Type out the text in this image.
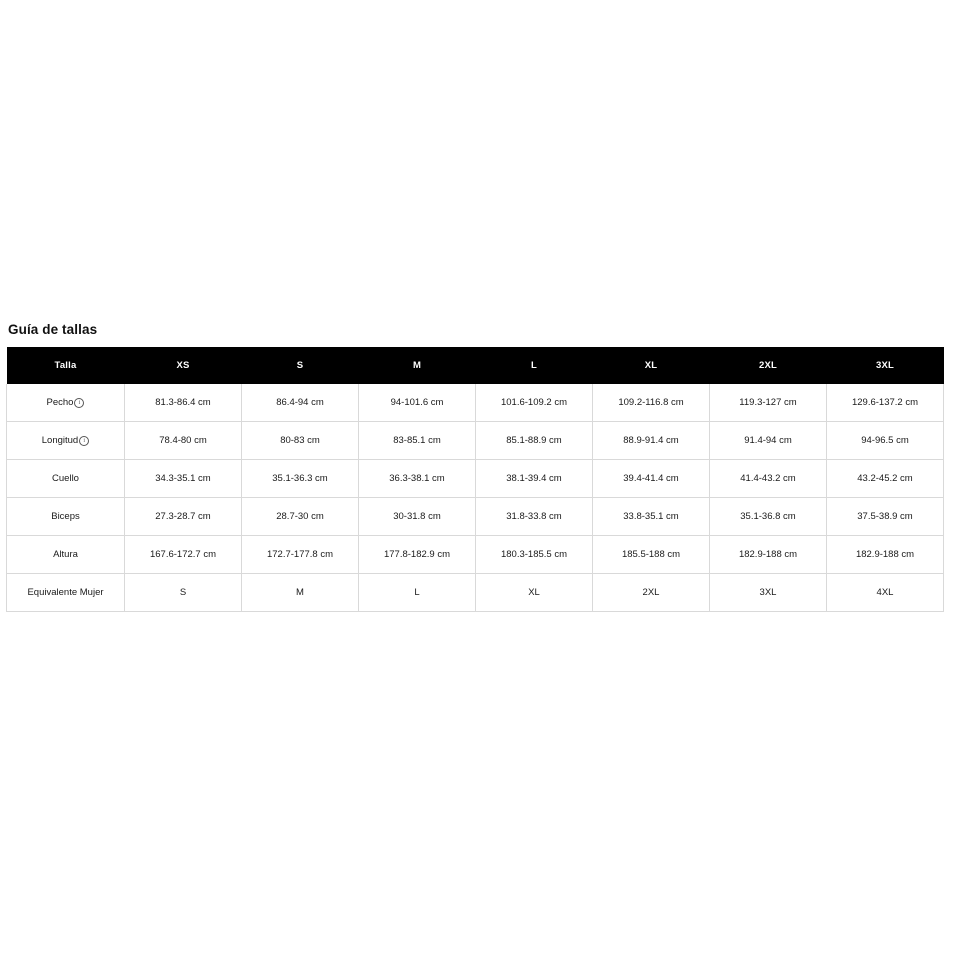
Guía de tallas
Talla	XS	S	M	L	XL	2XL	3XL
Pecho i	81.3-86.4 cm	86.4-94 cm	94-101.6 cm	101.6-109.2 cm	109.2-116.8 cm	119.3-127 cm	129.6-137.2 cm
Longitud i	78.4-80 cm	80-83 cm	83-85.1 cm	85.1-88.9 cm	88.9-91.4 cm	91.4-94 cm	94-96.5 cm
Cuello	34.3-35.1 cm	35.1-36.3 cm	36.3-38.1 cm	38.1-39.4 cm	39.4-41.4 cm	41.4-43.2 cm	43.2-45.2 cm
Biceps	27.3-28.7 cm	28.7-30 cm	30-31.8 cm	31.8-33.8 cm	33.8-35.1 cm	35.1-36.8 cm	37.5-38.9 cm
Altura	167.6-172.7 cm	172.7-177.8 cm	177.8-182.9 cm	180.3-185.5 cm	185.5-188 cm	182.9-188 cm	182.9-188 cm
Equivalente Mujer	S	M	L	XL	2XL	3XL	4XL
